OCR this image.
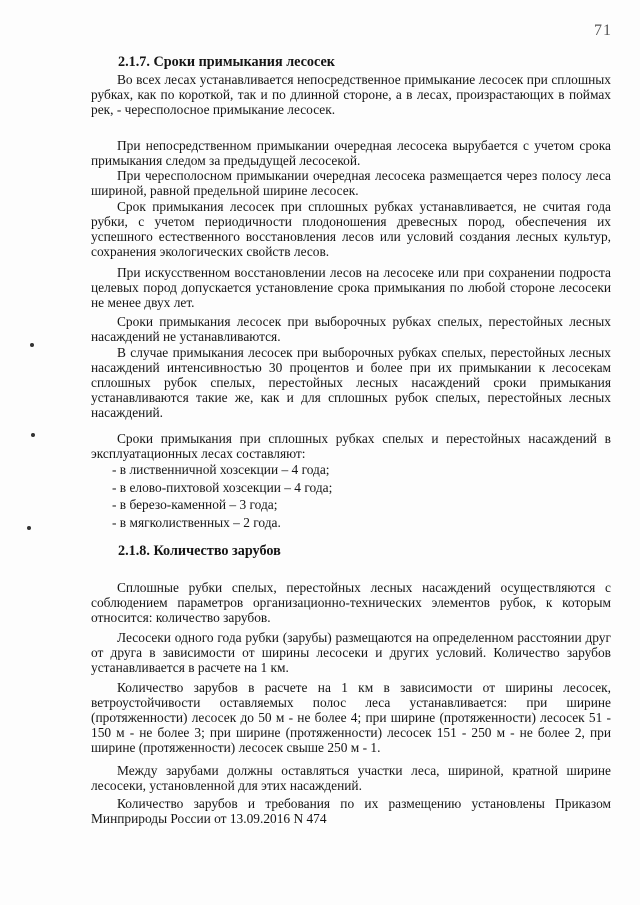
71
2.1.7. Сроки примыкания лесосек

Во всех лесах устанавливается непосредственное примыкание лесосек при сплошных рубках, как по короткой, так и по длинной стороне, а в лесах, произрастающих в поймах рек, - чересполосное примыкание лесосек.

При непосредственном примыкании очередная лесосека вырубается с учетом срока примыкания следом за предыдущей лесосекой.

При чересполосном примыкании очередная лесосека размещается через полосу леса шириной, равной предельной ширине лесосек.

Срок примыкания лесосек при сплошных рубках устанавливается, не считая года рубки, с учетом периодичности плодоношения древесных пород, обеспечения их успешного естественного восстановления лесов или условий создания лесных культур, сохранения экологических свойств лесов.

При искусственном восстановлении лесов на лесосеке или при сохранении подроста целевых пород допускается установление срока примыкания по любой стороне лесосеки не менее двух лет.

Сроки примыкания лесосек при выборочных рубках спелых, перестойных лесных насаждений не устанавливаются.

В случае примыкания лесосек при выборочных рубках спелых, перестойных лесных насаждений интенсивностью 30 процентов и более при их примыкании к лесосекам сплошных рубок спелых, перестойных лесных насаждений сроки примыкания устанавливаются такие же, как и для сплошных рубок спелых, перестойных лесных насаждений.

Сроки примыкания при сплошных рубках спелых и перестойных насаждений в эксплуатационных лесах составляют:

- в лиственничной хозсекции – 4 года;
- в елово-пихтовой хозсекции – 4 года;
- в березо-каменной – 3 года;
- в мягколиственных – 2 года.
2.1.8. Количество зарубов

Сплошные рубки спелых, перестойных лесных насаждений осуществляются с соблюдением параметров организационно-технических элементов рубок, к которым относится: количество зарубов.

Лесосеки одного года рубки (зарубы) размещаются на определенном расстоянии друг от друга в зависимости от ширины лесосеки и других условий. Количество зарубов устанавливается в расчете на 1 км.

Количество зарубов в расчете на 1 км в зависимости от ширины лесосек, ветроустойчивости оставляемых полос леса устанавливается: при ширине (протяженности) лесосек до 50 м - не более 4; при ширине (протяженности) лесосек 51 - 150 м - не более 3; при ширине (протяженности) лесосек 151 - 250 м - не более 2, при ширине (протяженности) лесосек свыше 250 м - 1.

Между зарубами должны оставляться участки леса, шириной, кратной ширине лесосеки, установленной для этих насаждений.

Количество зарубов и требования по их размещению установлены Приказом Минприроды России от 13.09.2016 N 474
